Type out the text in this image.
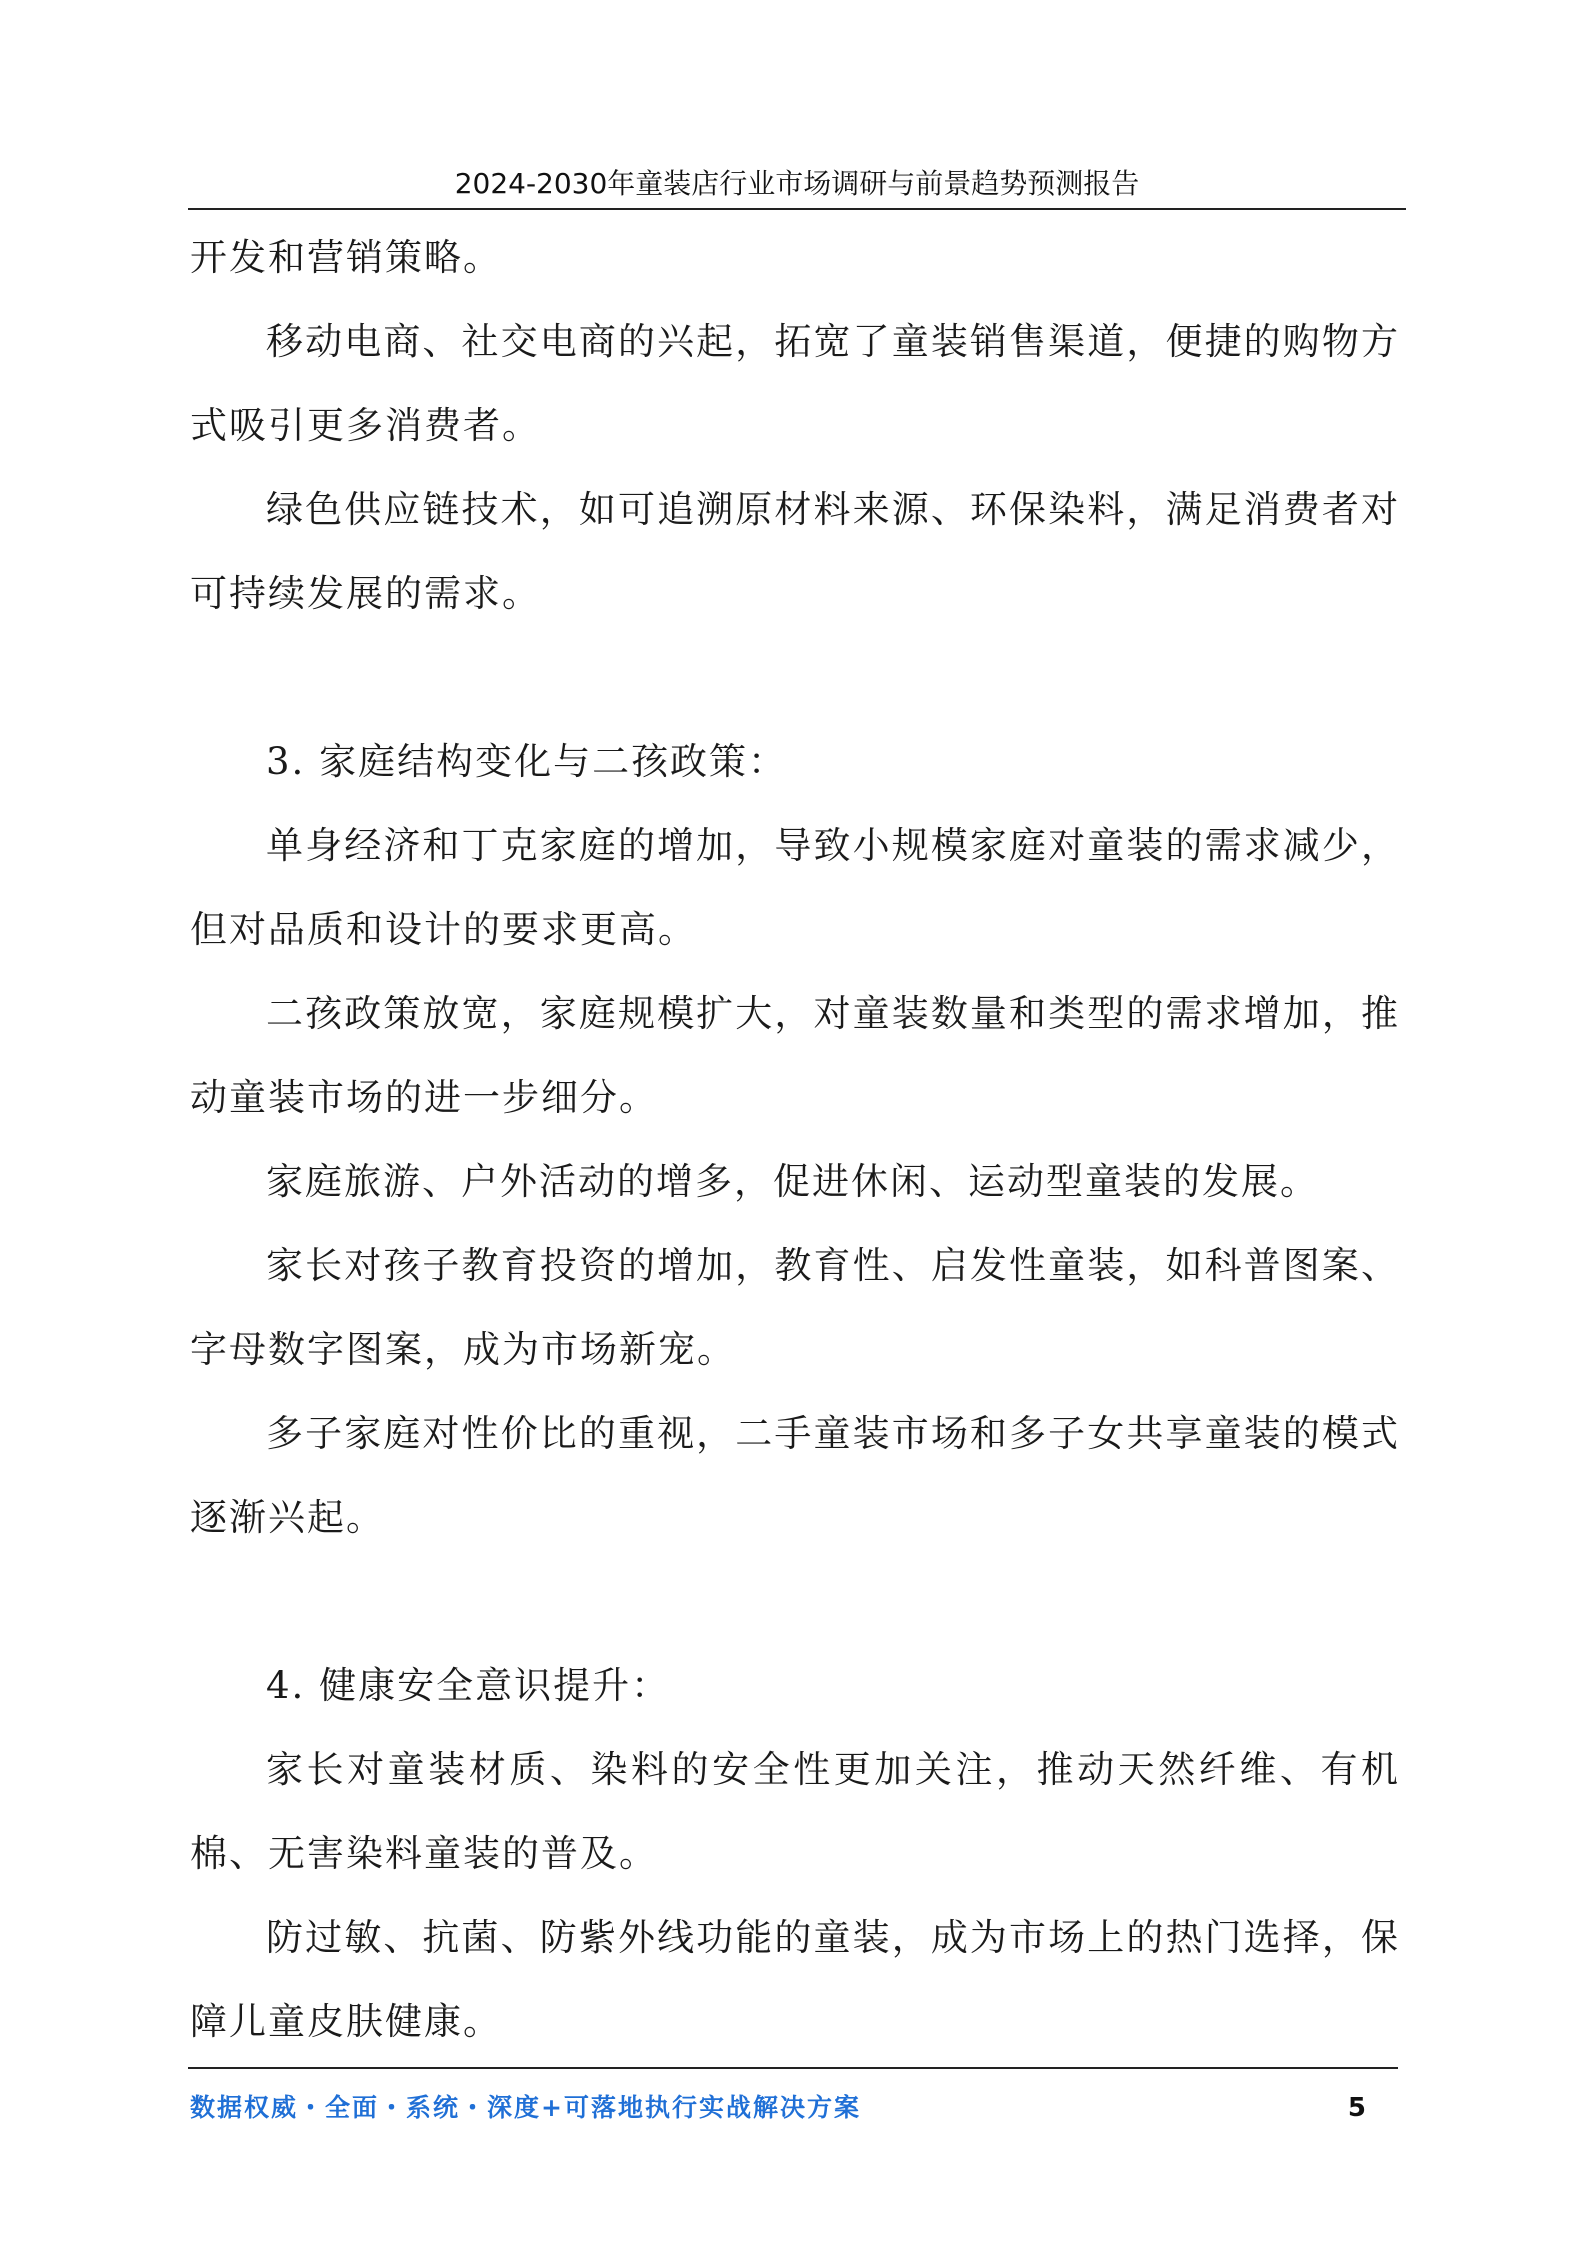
2024-2030年童装店行业市场调研与前景趋势预测报告

开发和营销策略。

移动电商、社交电商的兴起，拓宽了童装销售渠道，便捷的购物方式吸引更多消费者。

绿色供应链技术，如可追溯原材料来源、环保染料，满足消费者对可持续发展的需求。

3. 家庭结构变化与二孩政策：

单身经济和丁克家庭的增加，导致小规模家庭对童装的需求减少，但对品质和设计的要求更高。

二孩政策放宽，家庭规模扩大，对童装数量和类型的需求增加，推动童装市场的进一步细分。

家庭旅游、户外活动的增多，促进休闲、运动型童装的发展。

家长对孩子教育投资的增加，教育性、启发性童装，如科普图案、字母数字图案，成为市场新宠。

多子家庭对性价比的重视，二手童装市场和多子女共享童装的模式逐渐兴起。

4. 健康安全意识提升：

家长对童装材质、染料的安全性更加关注，推动天然纤维、有机棉、无害染料童装的普及。

防过敏、抗菌、防紫外线功能的童装，成为市场上的热门选择，保障儿童皮肤健康。

数据权威・全面・系统・深度+可落地执行实战解决方案	5
